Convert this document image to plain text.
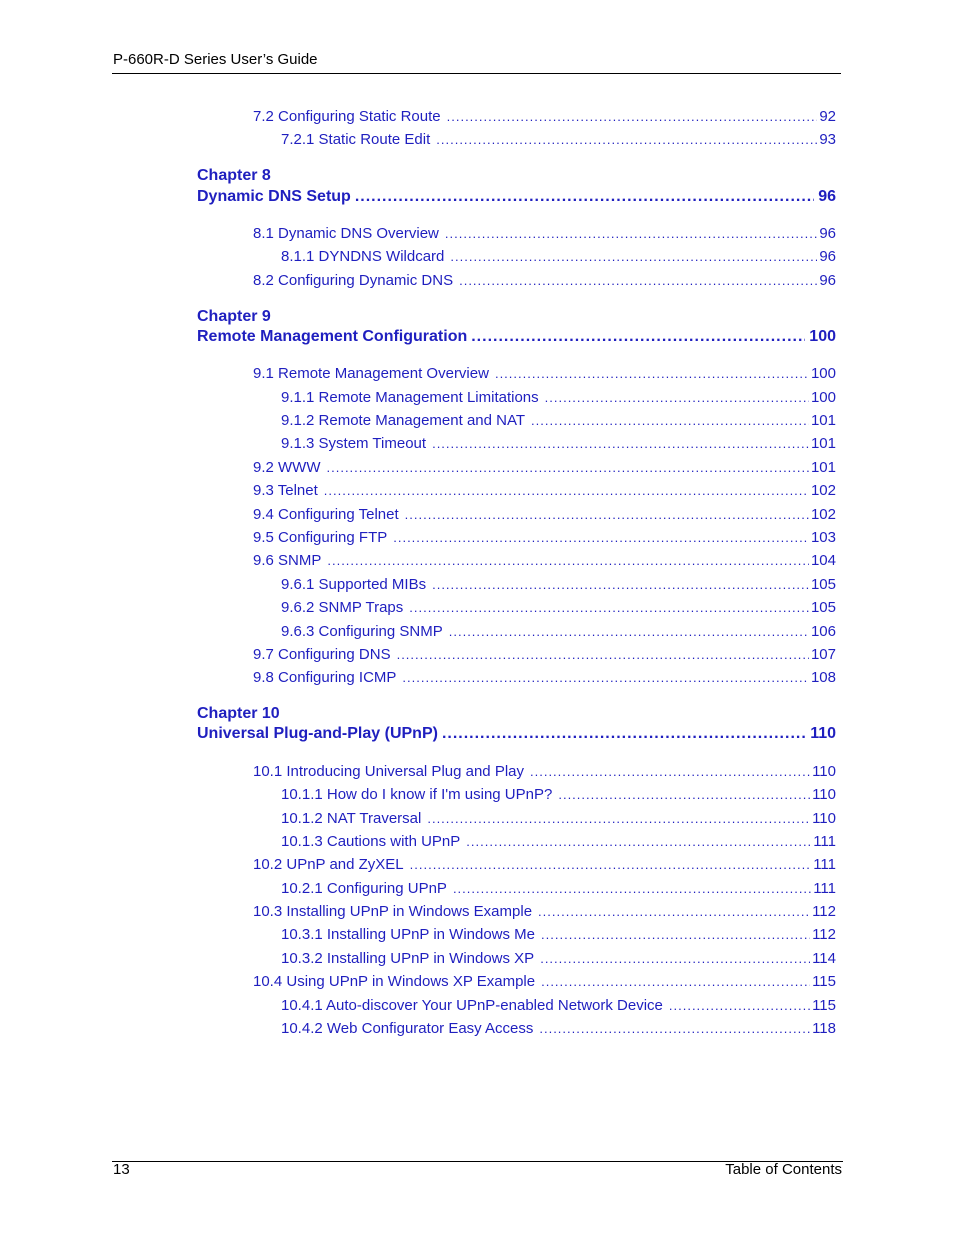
P-660R-D Series User’s Guide
7.2 Configuring Static Route .....	92
7.2.1 Static Route Edit .....	93
Chapter 8
Dynamic DNS Setup .....	96
8.1 Dynamic DNS Overview .....	96
8.1.1 DYNDNS Wildcard .....	96
8.2 Configuring Dynamic DNS .....	96
Chapter 9
Remote Management Configuration .....	100
9.1 Remote Management Overview .....	100
9.1.1 Remote Management Limitations .....	100
9.1.2 Remote Management and NAT .....	101
9.1.3 System Timeout .....	101
9.2 WWW .....	101
9.3 Telnet .....	102
9.4 Configuring Telnet .....	102
9.5 Configuring FTP .....	103
9.6 SNMP .....	104
9.6.1 Supported MIBs .....	105
9.6.2 SNMP Traps .....	105
9.6.3 Configuring SNMP .....	106
9.7 Configuring DNS .....	107
9.8 Configuring ICMP .....	108
Chapter 10
Universal Plug-and-Play (UPnP) .....	110
10.1 Introducing Universal Plug and Play .....	110
10.1.1 How do I know if I'm using UPnP? .....	110
10.1.2 NAT Traversal .....	110
10.1.3 Cautions with UPnP .....	111
10.2 UPnP and ZyXEL .....	111
10.2.1 Configuring UPnP .....	111
10.3 Installing UPnP in Windows Example .....	112
10.3.1 Installing UPnP in Windows Me .....	112
10.3.2 Installing UPnP in Windows XP .....	114
10.4 Using UPnP in Windows XP Example .....	115
10.4.1 Auto-discover Your UPnP-enabled Network Device .....	115
10.4.2 Web Configurator Easy Access .....	118
13	Table of Contents
